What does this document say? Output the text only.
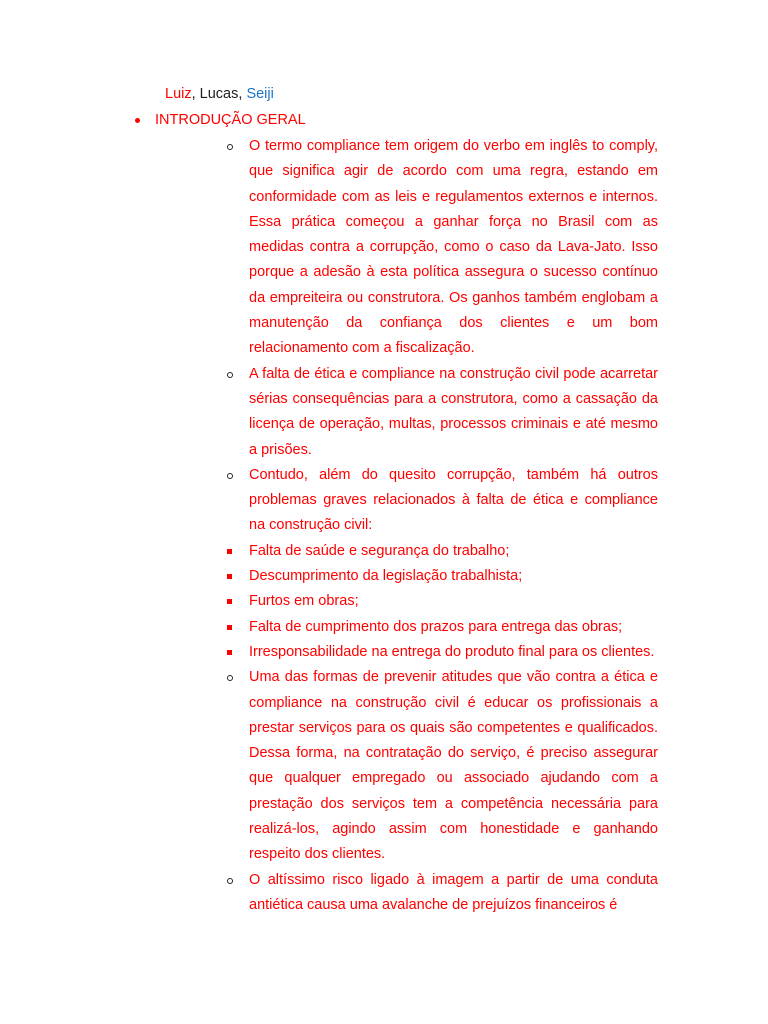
Luiz, Lucas, Seiji
INTRODUÇÃO GERAL
O termo compliance tem origem do verbo em inglês to comply, que significa agir de acordo com uma regra, estando em conformidade com as leis e regulamentos externos e internos. Essa prática começou a ganhar força no Brasil com as medidas contra a corrupção, como o caso da Lava-Jato. Isso porque a adesão à esta política assegura o sucesso contínuo da empreiteira ou construtora. Os ganhos também englobam a manutenção da confiança dos clientes e um bom relacionamento com a fiscalização.
A falta de ética e compliance na construção civil pode acarretar sérias consequências para a construtora, como a cassação da licença de operação, multas, processos criminais e até mesmo a prisões.
Contudo, além do quesito corrupção, também há outros problemas graves relacionados à falta de ética e compliance na construção civil:
Falta de saúde e segurança do trabalho;
Descumprimento da legislação trabalhista;
Furtos em obras;
Falta de cumprimento dos prazos para entrega das obras;
Irresponsabilidade na entrega do produto final para os clientes.
Uma das formas de prevenir atitudes que vão contra a ética e compliance na construção civil é educar os profissionais a prestar serviços para os quais são competentes e qualificados. Dessa forma, na contratação do serviço, é preciso assegurar que qualquer empregado ou associado ajudando com a prestação dos serviços tem a competência necessária para realizá-los, agindo assim com honestidade e ganhando respeito dos clientes.
O altíssimo risco ligado à imagem a partir de uma conduta antiética causa uma avalanche de prejuízos financeiros é
